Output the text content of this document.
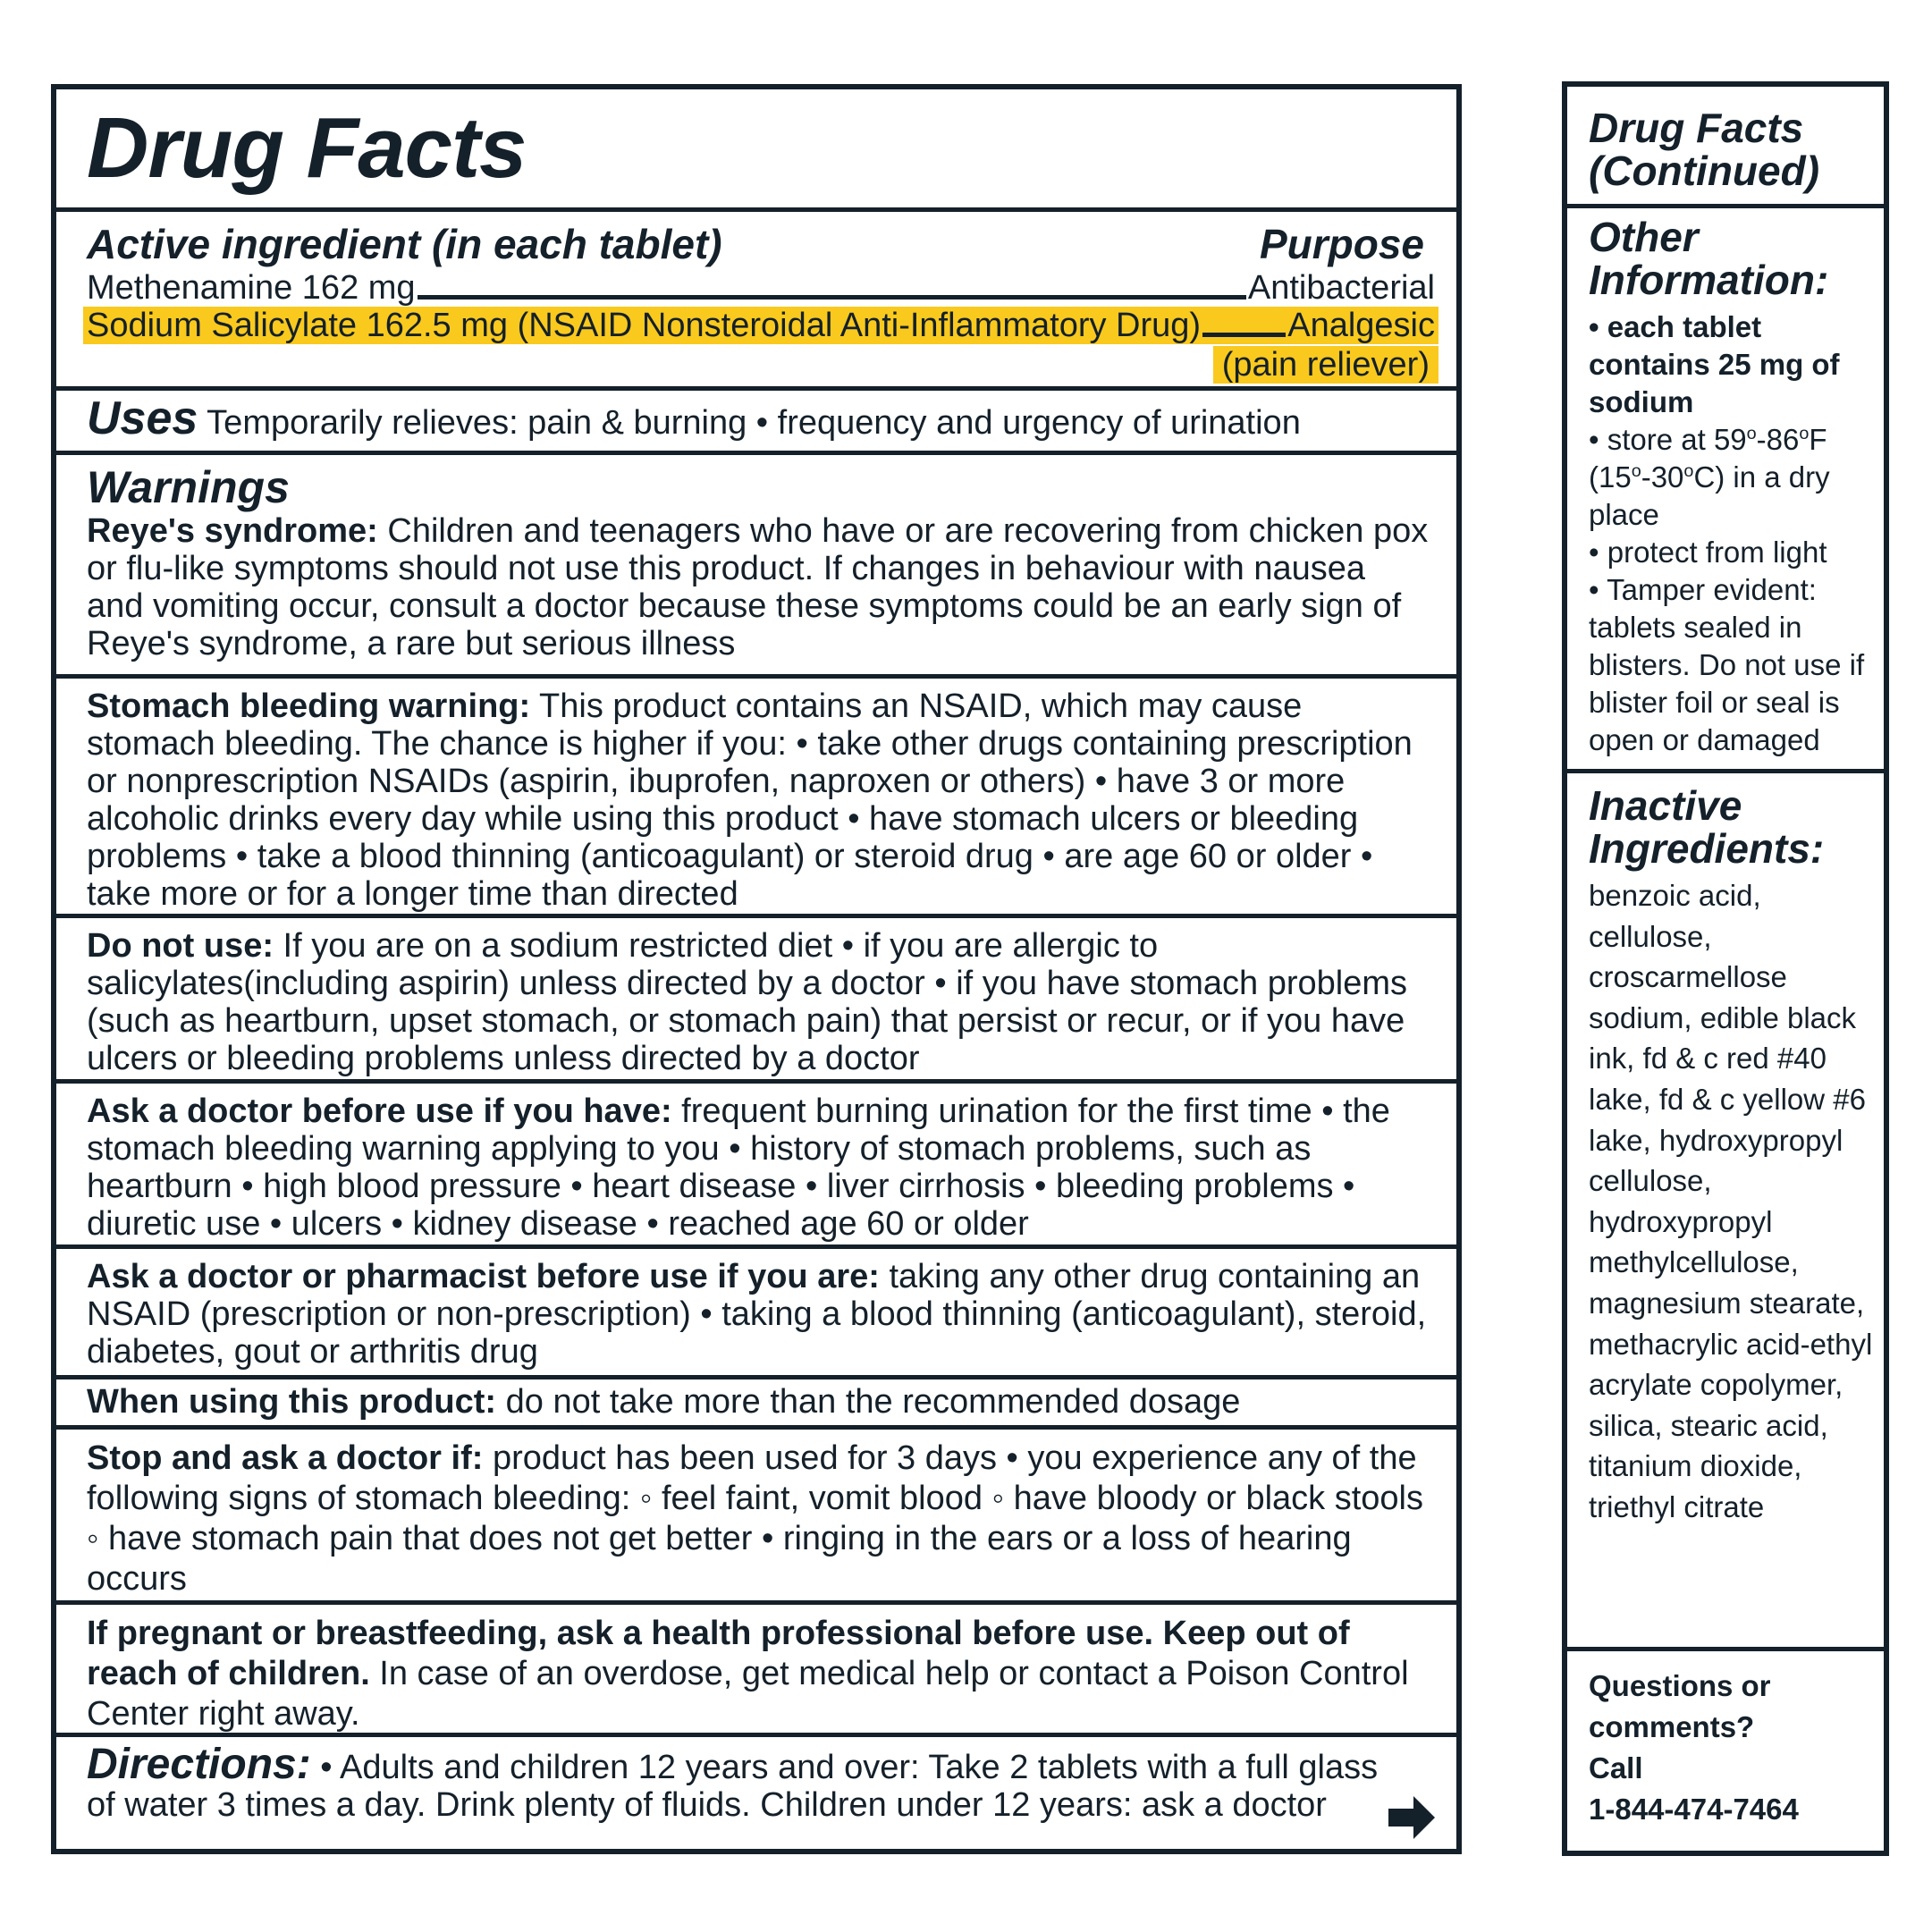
Drug Facts
Active ingredient (in each tablet)	Purpose
Methenamine 162 mg	Antibacterial
Sodium Salicylate 162.5 mg (NSAID Nonsteroidal Anti-Inflammatory Drug)	Analgesic
(pain reliever)
Uses Temporarily relieves: pain & burning • frequency and urgency of urination
Warnings
Reye's syndrome: Children and teenagers who have or are recovering from chicken pox or flu-like symptoms should not use this product. If changes in behaviour with nausea and vomiting occur, consult a doctor because these symptoms could be an early sign of Reye's syndrome, a rare but serious illness
Stomach bleeding warning: This product contains an NSAID, which may cause stomach bleeding. The chance is higher if you: • take other drugs containing prescription or nonprescription NSAIDs (aspirin, ibuprofen, naproxen or others) • have 3 or more alcoholic drinks every day while using this product • have stomach ulcers or bleeding problems • take a blood thinning (anticoagulant) or steroid drug • are age 60 or older • take more or for a longer time than directed
Do not use: If you are on a sodium restricted diet • if you are allergic to salicylates(including aspirin) unless directed by a doctor • if you have stomach problems (such as heartburn, upset stomach, or stomach pain) that persist or recur, or if you have ulcers or bleeding problems unless directed by a doctor
Ask a doctor before use if you have: frequent burning urination for the first time • the stomach bleeding warning applying to you • history of stomach problems, such as heartburn • high blood pressure • heart disease • liver cirrhosis • bleeding problems • diuretic use • ulcers • kidney disease • reached age 60 or older
Ask a doctor or pharmacist before use if you are: taking any other drug containing an NSAID (prescription or non-prescription) • taking a blood thinning (anticoagulant), steroid, diabetes, gout or arthritis drug
When using this product: do not take more than the recommended dosage
Stop and ask a doctor if: product has been used for 3 days • you experience any of the following signs of stomach bleeding: ◦ feel faint, vomit blood ◦ have bloody or black stools ◦ have stomach pain that does not get better • ringing in the ears or a loss of hearing occurs
If pregnant or breastfeeding, ask a health professional before use. Keep out of reach of children. In case of an overdose, get medical help or contact a Poison Control Center right away.
Directions: • Adults and children 12 years and over: Take 2 tablets with a full glass of water 3 times a day. Drink plenty of fluids. Children under 12 years: ask a doctor
Drug Facts
(Continued)
Other
Information:
• each tablet contains 25 mg of sodium
• store at 59$^o$-86$^o$F (15$^o$-30$^o$C) in a dry place
• protect from light
• Tamper evident: tablets sealed in blisters. Do not use if blister foil or seal is open or damaged
Inactive
Ingredients:
benzoic acid, cellulose, croscarmellose sodium, edible black ink, fd & c red #40 lake, fd & c yellow #6 lake, hydroxypropyl cellulose, hydroxypropyl methylcellulose, magnesium stearate, methacrylic acid-ethyl acrylate copolymer, silica, stearic acid, titanium dioxide, triethyl citrate
Questions or comments?
Call
1-844-474-7464
